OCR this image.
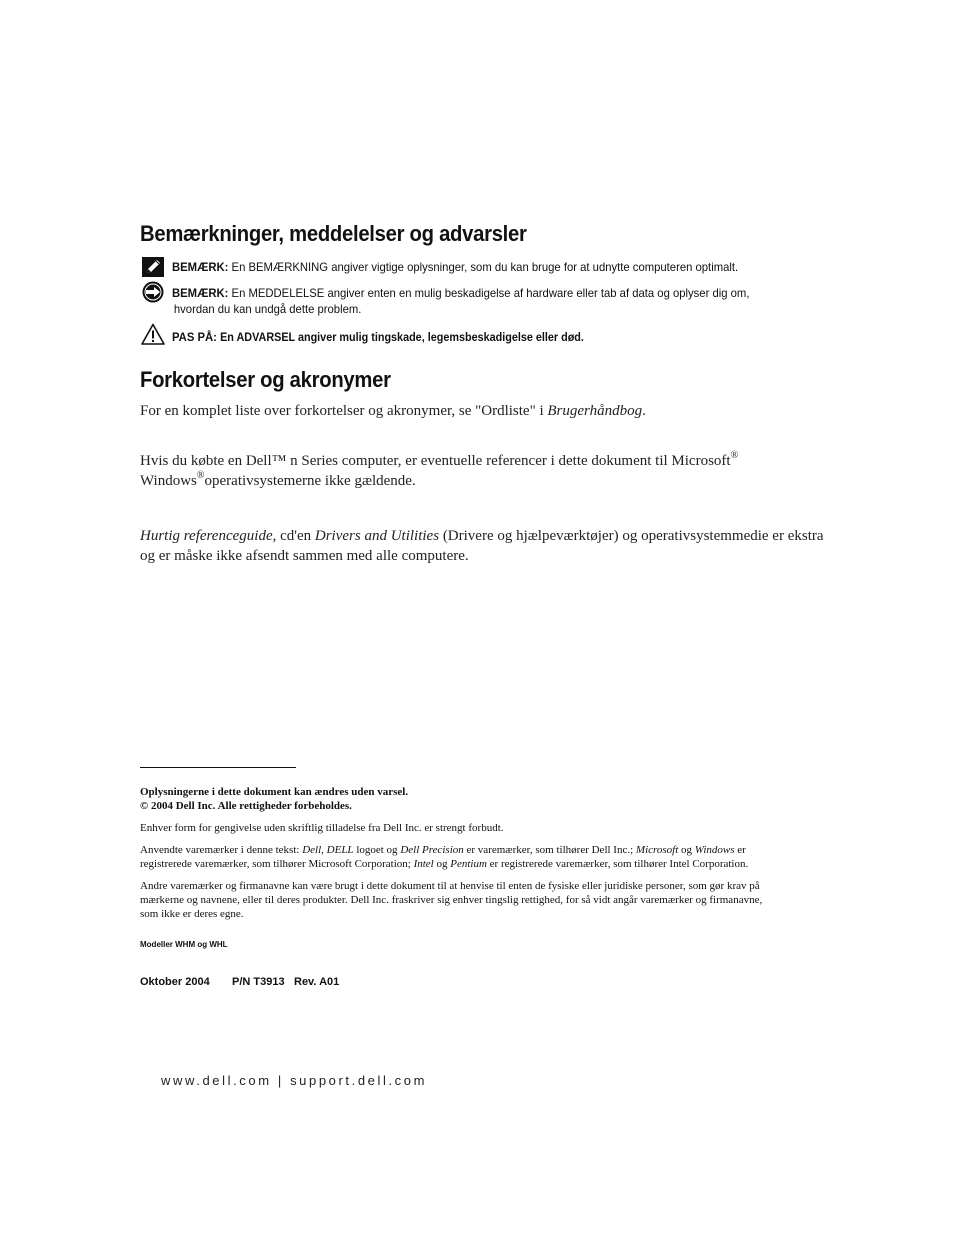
Bemærkninger, meddelelser og advarsler
BEMÆRK: En BEMÆRKNING angiver vigtige oplysninger, som du kan bruge for at udnytte computeren optimalt.
BEMÆRK: En MEDDELELSE angiver enten en mulig beskadigelse af hardware eller tab af data og oplyser dig om,
hvordan du kan undgå dette problem.
PAS PÅ: En ADVARSEL angiver mulig tingskade, legemsbeskadigelse eller død.
Forkortelser og akronymer
For en komplet liste over forkortelser og akronymer, se "Ordliste" i Brugerhåndbog.
Hvis du købte en Dell™ n Series computer, er eventuelle referencer i dette dokument til Microsoft®
Windows®operativsystemerne ikke gældende.
Hurtig referenceguide, cd'en Drivers and Utilities (Drivere og hjælpeværktøjer) og operativsystemmedie er ekstra
og er måske ikke afsendt sammen med alle computere.
Oplysningerne i dette dokument kan ændres uden varsel.
© 2004 Dell Inc. Alle rettigheder forbeholdes.
Enhver form for gengivelse uden skriftlig tilladelse fra Dell Inc. er strengt forbudt.
Anvendte varemærker i denne tekst: Dell, DELL logoet og Dell Precision er varemærker, som tilhører Dell Inc.; Microsoft og Windows er
registrerede varemærker, som tilhører Microsoft Corporation; Intel og Pentium er registrerede varemærker, som tilhører Intel Corporation.
Andre varemærker og firmanavne kan være brugt i dette dokument til at henvise til enten de fysiske eller juridiske personer, som gør krav på
mærkerne og navnene, eller til deres produkter. Dell Inc. fraskriver sig enhver tingslig rettighed, for så vidt angår varemærker og firmanavne,
som ikke er deres egne.
Modeller WHM og WHL
Oktober 2004 P/N T3913 Rev. A01
www.dell.com | support.dell.com
